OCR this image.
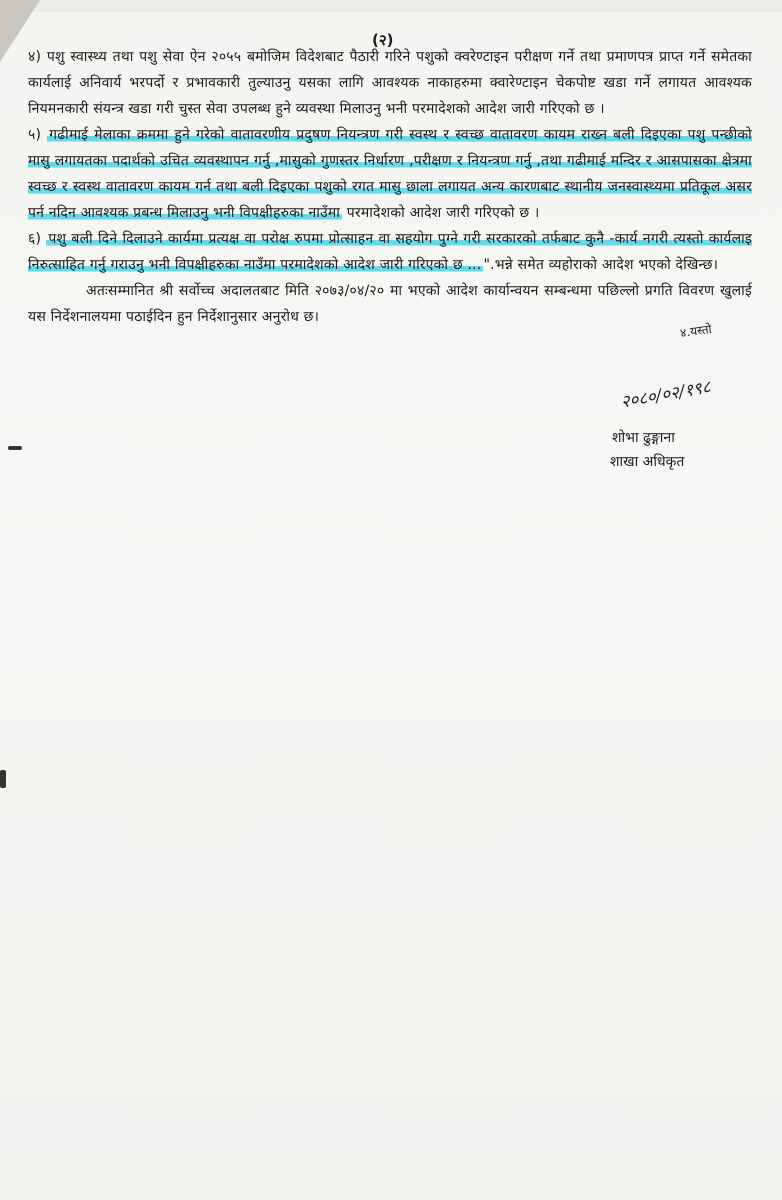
(२)

४) पशु स्वास्थ्य तथा पशु सेवा ऐन २०५५ बमोजिम विदेशबाट पैठारी गरिने पशुको क्वरेण्टाइन परीक्षण गर्ने तथा प्रमाणपत्र प्राप्त गर्ने समेतका कार्यलाई अनिवार्य भरपर्दो र प्रभावकारी तुल्याउनु यसका लागि आवश्यक नाकाहरुमा क्वारेण्टाइन चेकपोष्ट खडा गर्ने लगायत आवश्यक नियमनकारी संयन्त्र खडा गरी चुस्त सेवा उपलब्ध हुने व्यवस्था मिलाउनु भनी परमादेशको आदेश जारी गरिएको छ ।

५) गढीमाई मेलाका क्रममा हुने गरेको वातावरणीय प्रदुषण नियन्त्रण गरी स्वस्थ र स्वच्छ वातावरण कायम राख्न बली दिइएका पशु पन्छीको मासु लगायतका पदार्थको उचित व्यवस्थापन गर्नु ,मासुको गुणस्तर निर्धारण ,परीक्षण र नियन्त्रण गर्नु ,तथा गढीमाई मन्दिर र आसपासका क्षेत्रमा स्वच्छ र स्वस्थ वातावरण कायम गर्न तथा बली दिइएका पशुको रगत मासु छाला लगायत अन्य कारणबाट स्थानीय जनस्वास्थ्यमा प्रतिकूल असर पर्न नदिन आवश्यक प्रबन्ध मिलाउनु भनी विपक्षीहरुका नाउँमा परमादेशको आदेश जारी गरिएको छ ।

६) पशु बली दिने दिलाउने कार्यमा प्रत्यक्ष वा परोक्ष रुपमा प्रोत्साहन वा सहयोग पुग्ने गरी सरकारको तर्फबाट कुनै -कार्य नगरी त्यस्तो कार्यलाइ निरुत्साहित गर्नु गराउनु भनी विपक्षीहरुका नाउँमा परमादेशको आदेश जारी गरिएको छ ... ".भन्ने समेत व्यहोराको आदेश भएको देखिन्छ।

अतःसम्मानित श्री सर्वोच्च अदालतबाट मिति २०७३/०४/२० मा भएको आदेश कार्यान्वयन सम्बन्धमा पछिल्लो प्रगति विवरण खुलाई यस निर्देशनालयमा पठाईदिन हुन निर्देशानुसार अनुरोध छ।

४.यस्तो
२०८०/०२/१९८
शोभा ढुङ्गाना
शाखा अधिकृत
